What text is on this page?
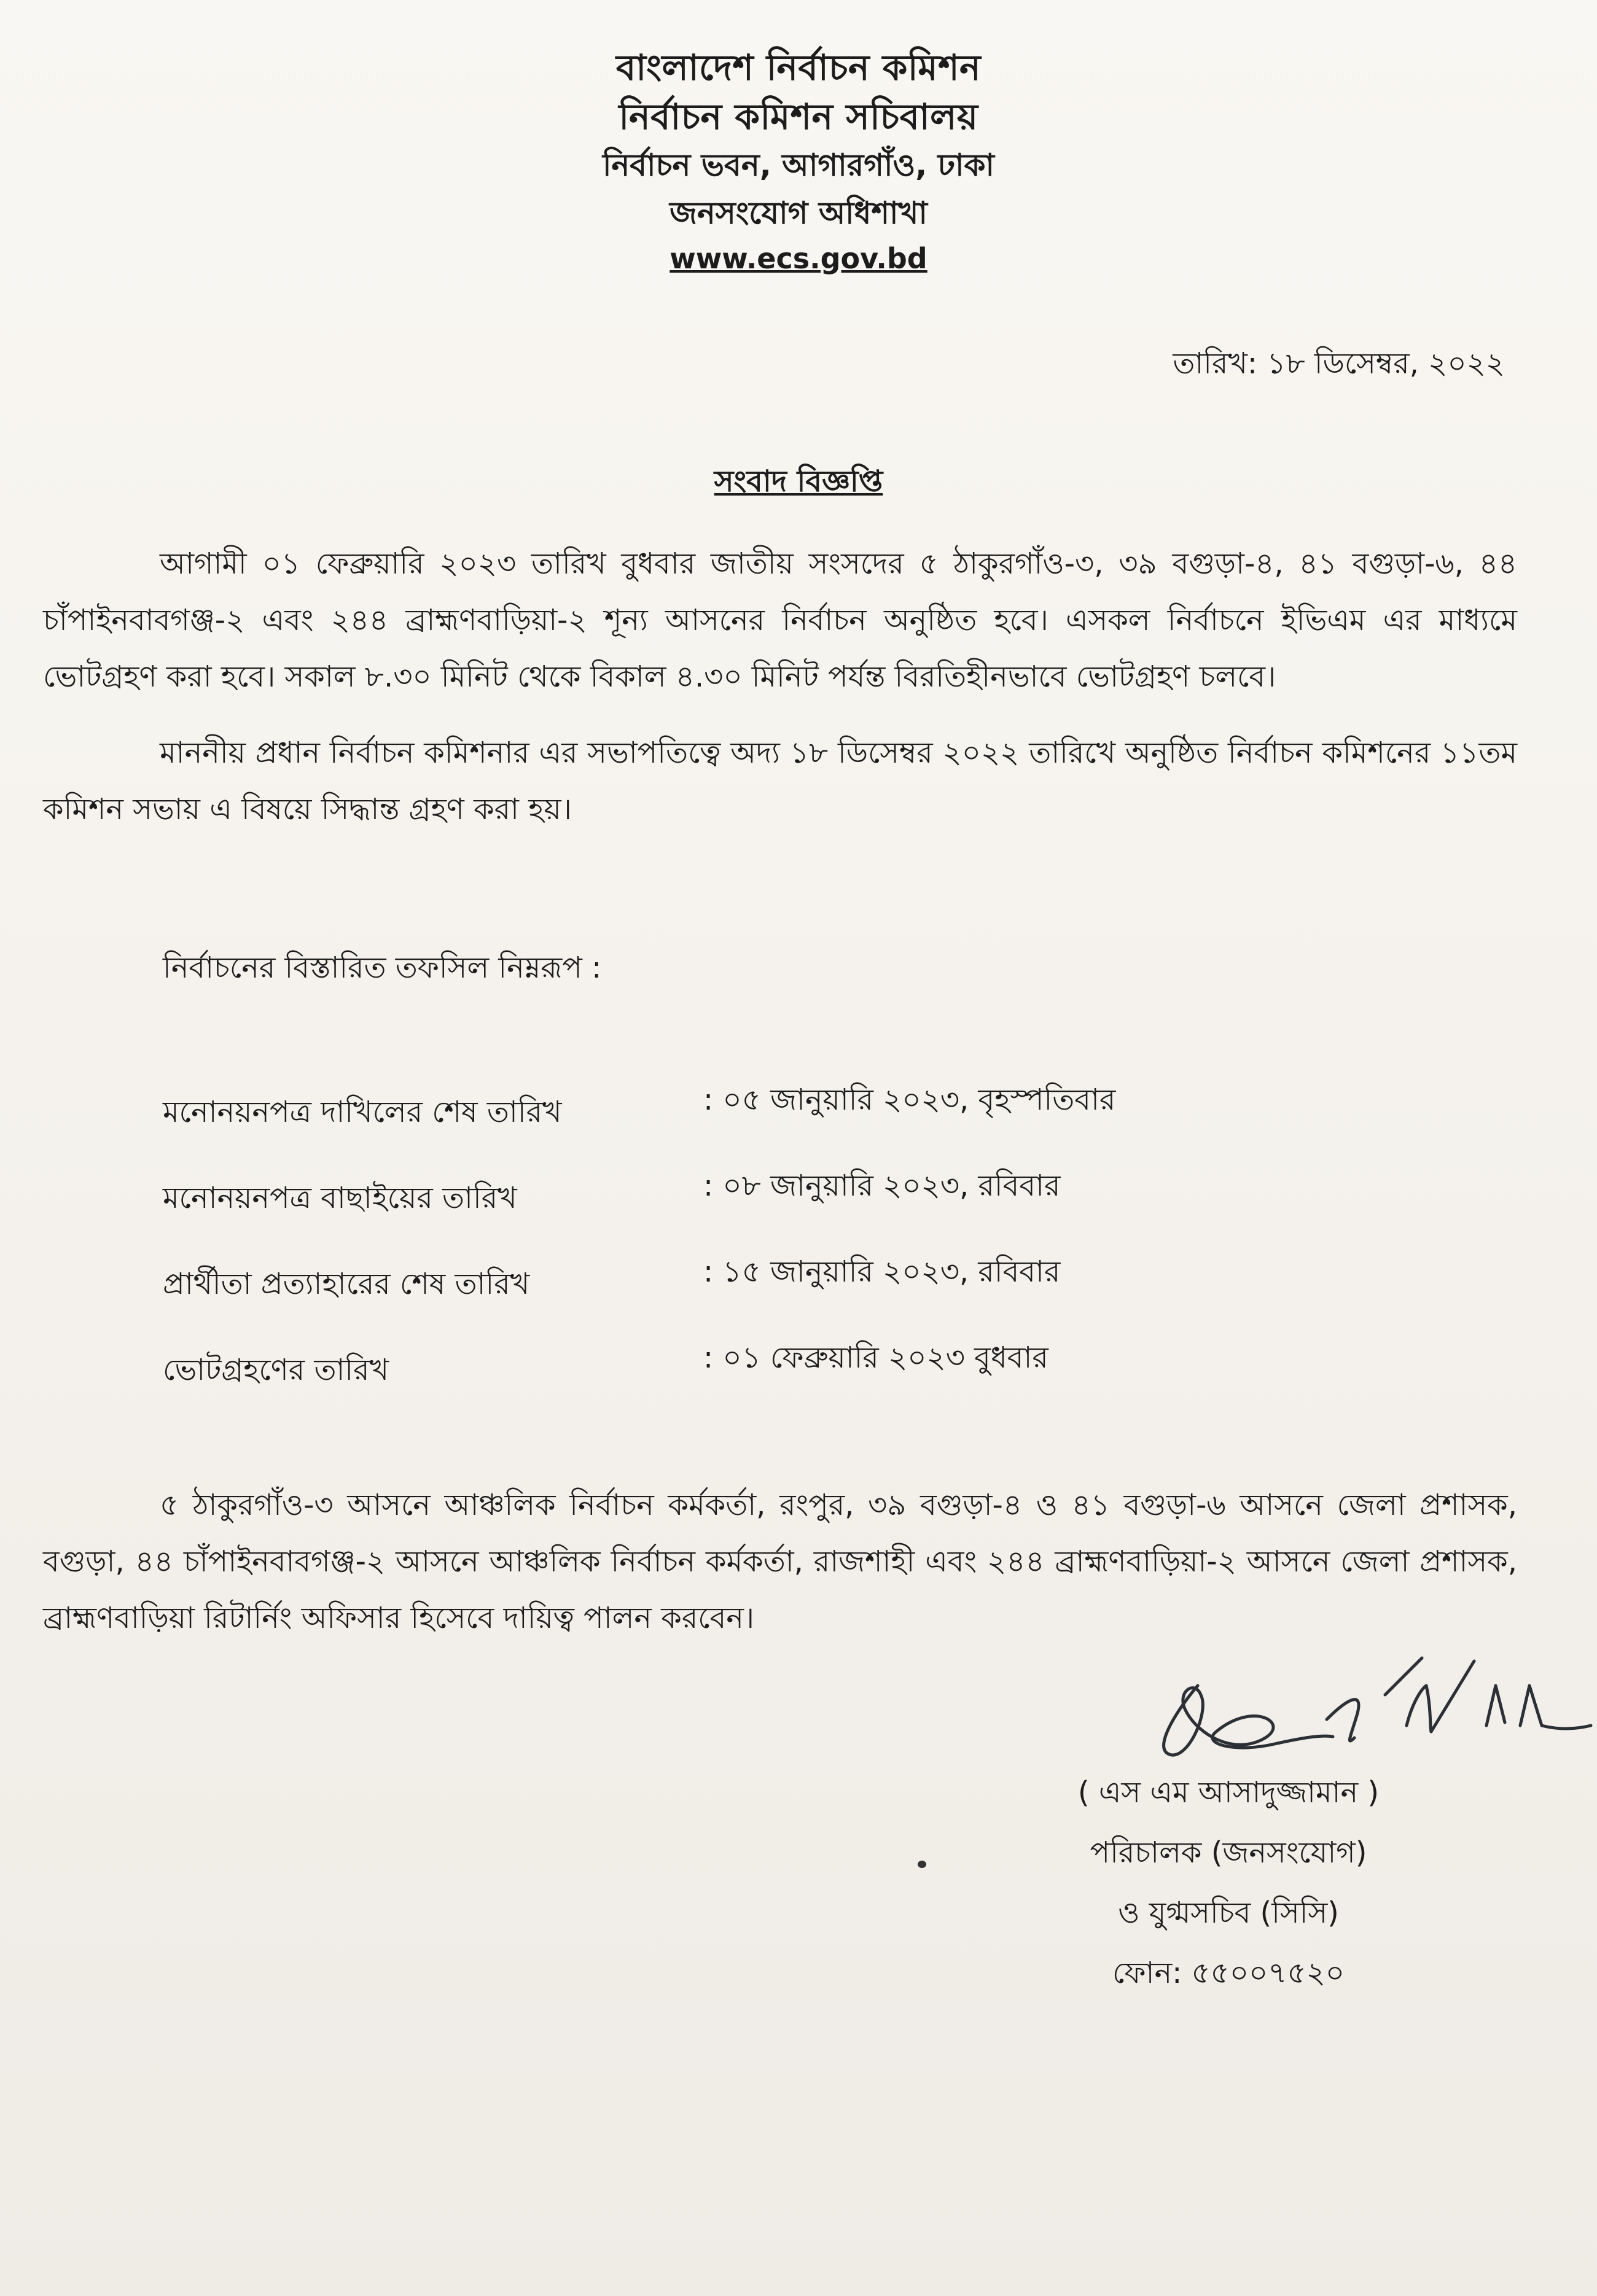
বাংলাদেশ নির্বাচন কমিশন
নির্বাচন কমিশন সচিবালয়
নির্বাচন ভবন, আগারগাঁও, ঢাকা
জনসংযোগ অধিশাখা
www.ecs.gov.bd
তারিখ: ১৮ ডিসেম্বর, ২০২২
সংবাদ বিজ্ঞপ্তি
আগামী ০১ ফেব্রুয়ারি ২০২৩ তারিখ বুধবার জাতীয় সংসদের ৫ ঠাকুরগাঁও-৩, ৩৯ বগুড়া-৪, ৪১ বগুড়া-৬, ৪৪ চাঁপাইনবাবগঞ্জ-২ এবং ২৪৪ ব্রাহ্মণবাড়িয়া-২ শূন্য আসনের নির্বাচন অনুষ্ঠিত হবে। এসকল নির্বাচনে ইভিএম এর মাধ্যমে ভোটগ্রহণ করা হবে। সকাল ৮.৩০ মিনিট থেকে বিকাল ৪.৩০ মিনিট পর্যন্ত বিরতিহীনভাবে ভোটগ্রহণ চলবে।
মাননীয় প্রধান নির্বাচন কমিশনার এর সভাপতিত্বে অদ্য ১৮ ডিসেম্বর ২০২২ তারিখে অনুষ্ঠিত নির্বাচন কমিশনের ১১তম কমিশন সভায় এ বিষয়ে সিদ্ধান্ত গ্রহণ করা হয়।
নির্বাচনের বিস্তারিত তফসিল নিম্নরূপ :
মনোনয়নপত্র দাখিলের শেষ তারিখ	: ০৫ জানুয়ারি ২০২৩, বৃহস্পতিবার
মনোনয়নপত্র বাছাইয়ের তারিখ	: ০৮ জানুয়ারি ২০২৩, রবিবার
প্রার্থীতা প্রত্যাহারের শেষ তারিখ	: ১৫ জানুয়ারি ২০২৩, রবিবার
ভোটগ্রহণের তারিখ	: ০১ ফেব্রুয়ারি ২০২৩ বুধবার
৫ ঠাকুরগাঁও-৩ আসনে আঞ্চলিক নির্বাচন কর্মকর্তা, রংপুর, ৩৯ বগুড়া-৪ ও ৪১ বগুড়া-৬ আসনে জেলা প্রশাসক, বগুড়া, ৪৪ চাঁপাইনবাবগঞ্জ-২ আসনে আঞ্চলিক নির্বাচন কর্মকর্তা, রাজশাহী এবং ২৪৪ ব্রাহ্মণবাড়িয়া-২ আসনে জেলা প্রশাসক, ব্রাহ্মণবাড়িয়া রিটার্নিং অফিসার হিসেবে দায়িত্ব পালন করবেন।
( এস এম আসাদুজ্জামান )
পরিচালক (জনসংযোগ)
ও যুগ্মসচিব (সিসি)
ফোন: ৫৫০০৭৫২০
